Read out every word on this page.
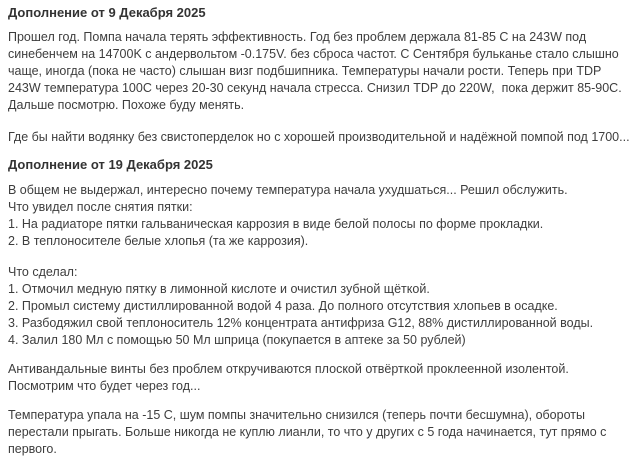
Дополнение от 9 Декабря 2025

Прошел год. Помпа начала терять эффективность. Год без проблем держала 81-85 С на 243W под синебенчем на 14700K с андервольтом -0.175V. без сброса частот. С Сентября бульканье стало слышно чаще, иногда (пока не часто) слышан визг подбшипника. Температуры начали рости. Теперь при TDP 243W температура 100С через 20-30 секунд начала стресса. Снизил TDP до 220W,  пока держит 85-90С. Дальше посмотрю. Похоже буду менять.

Где бы найти водянку без свистоперделок но с хорошей производительной и надёжной помпой под 1700...

Дополнение от 19 Декабря 2025
В общем не выдержал, интересно почему температура начала ухудшаться... Решил обслужить.
Что увидел после снятия пятки:
1. На радиаторе пятки гальваническая каррозия в виде белой полосы по форме прокладки.
2. В теплоносителе белые хлопья (та же каррозия).
Что сделал:
1. Отмочил медную пятку в лимонной кислоте и очистил зубной щёткой.
2. Промыл систему дистиллированной водой 4 раза. До полного отсутствия хлопьев в осадке.
3. Разбодяжил свой теплоноситель 12% концентрата антифриза G12, 88% дистиллированной воды.
4. Залил 180 Мл с помощью 50 Мл шприца (покупается в аптеке за 50 рублей)

Антивандальные винты без проблем откручиваются плоской отвёрткой проклеенной изолентой. Посмотрим что будет через год...

Температура упала на -15 С, шум помпы значительно снизился (теперь почти бесшумна), обороты перестали прыгать. Больше никогда не куплю лианли, то что у других с 5 года начинается, тут прямо с первого.
